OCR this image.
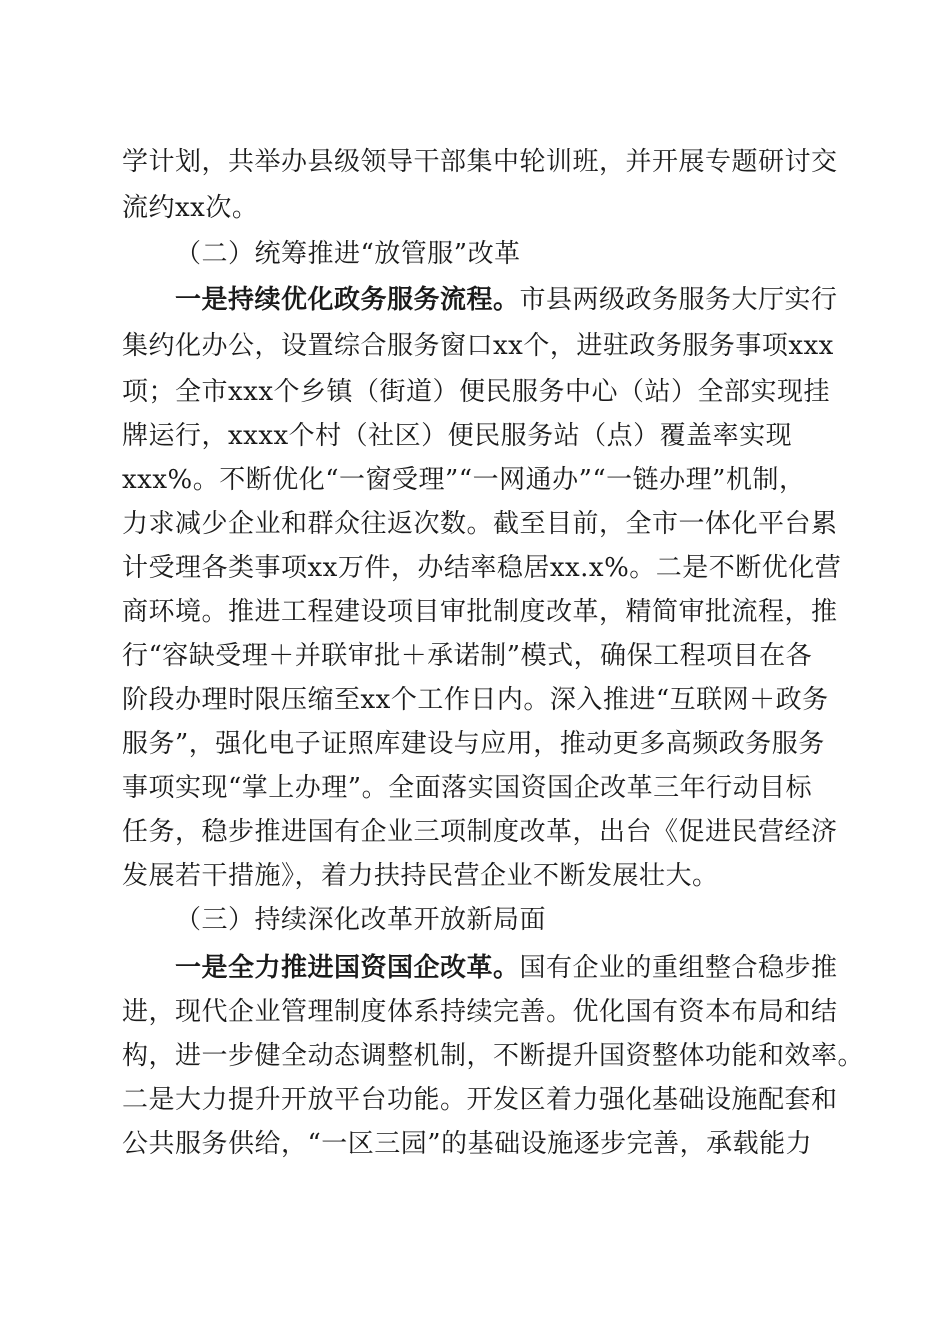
学计划，共举办县级领导干部集中轮训班，并开展专题研讨交
流约xx次。
（二）统筹推进“放管服”改革
一是持续优化政务服务流程。市县两级政务服务大厅实行
集约化办公，设置综合服务窗口xx个，进驻政务服务事项xxx
项；全市xxx个乡镇（街道）便民服务中心（站）全部实现挂
牌运行，xxxx个村（社区）便民服务站（点）覆盖率实现
xxx%。不断优化“一窗受理”“一网通办”“一链办理”机制，
力求减少企业和群众往返次数。截至目前，全市一体化平台累
计受理各类事项xx万件，办结率稳居xx.x%。二是不断优化营
商环境。推进工程建设项目审批制度改革，精简审批流程，推
行“容缺受理＋并联审批＋承诺制”模式，确保工程项目在各
阶段办理时限压缩至xx个工作日内。深入推进“互联网＋政务
服务”，强化电子证照库建设与应用，推动更多高频政务服务
事项实现“掌上办理”。全面落实国资国企改革三年行动目标
任务，稳步推进国有企业三项制度改革，出台《促进民营经济
发展若干措施》，着力扶持民营企业不断发展壮大。
（三）持续深化改革开放新局面
一是全力推进国资国企改革。国有企业的重组整合稳步推
进，现代企业管理制度体系持续完善。优化国有资本布局和结
构，进一步健全动态调整机制，不断提升国资整体功能和效率。
二是大力提升开放平台功能。开发区着力强化基础设施配套和
公共服务供给，“一区三园”的基础设施逐步完善，承载能力
